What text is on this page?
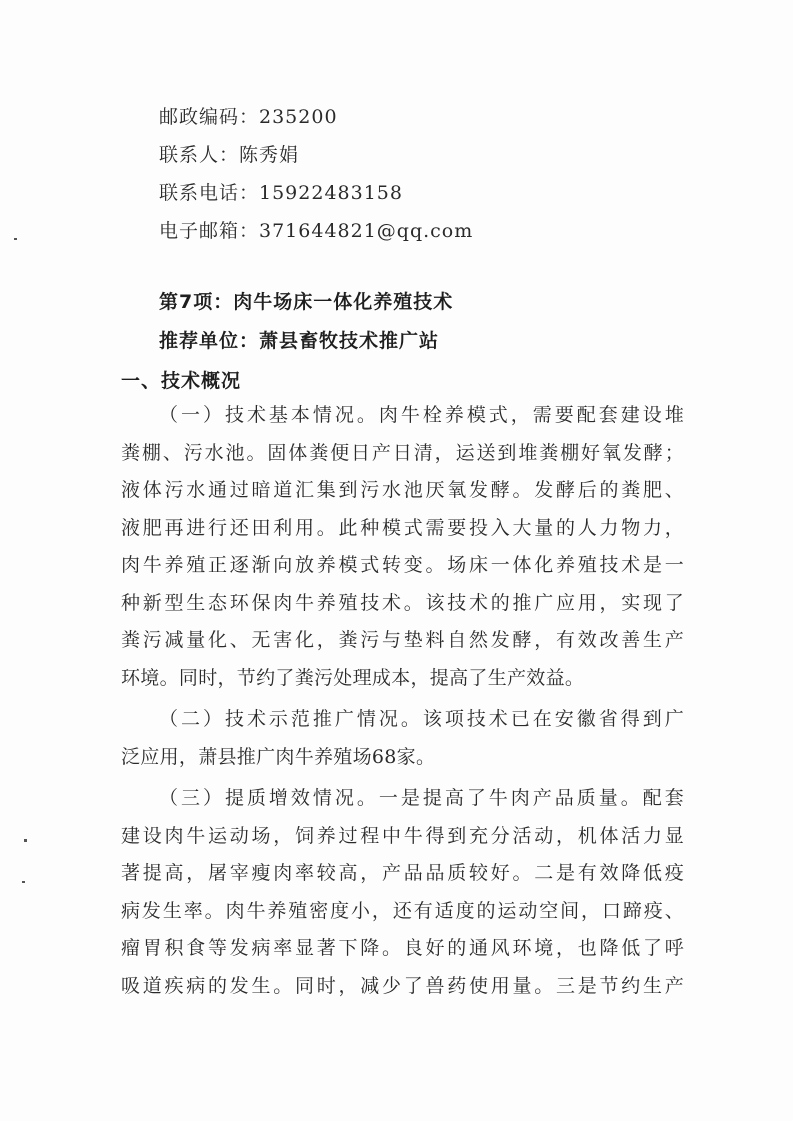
邮政编码：235200
联系人：陈秀娟
联系电话：15922483158
电子邮箱：371644821@qq.com
第7项：肉牛场床一体化养殖技术
推荐单位：萧县畜牧技术推广站
一、技术概况
（一）技术基本情况。肉牛栓养模式，需要配套建设堆
粪棚、污水池。固体粪便日产日清，运送到堆粪棚好氧发酵；
液体污水通过暗道汇集到污水池厌氧发酵。发酵后的粪肥、
液肥再进行还田利用。此种模式需要投入大量的人力物力，
肉牛养殖正逐渐向放养模式转变。场床一体化养殖技术是一
种新型生态环保肉牛养殖技术。该技术的推广应用，实现了
粪污减量化、无害化，粪污与垫料自然发酵，有效改善生产
环境。同时，节约了粪污处理成本，提高了生产效益。
（二）技术示范推广情况。该项技术已在安徽省得到广
泛应用，萧县推广肉牛养殖场68家。
（三）提质增效情况。一是提高了牛肉产品质量。配套
建设肉牛运动场，饲养过程中牛得到充分活动，机体活力显
著提高，屠宰瘦肉率较高，产品品质较好。二是有效降低疫
病发生率。肉牛养殖密度小，还有适度的运动空间，口蹄疫、
瘤胃积食等发病率显著下降。良好的通风环境，也降低了呼
吸道疾病的发生。同时，减少了兽药使用量。三是节约生产
